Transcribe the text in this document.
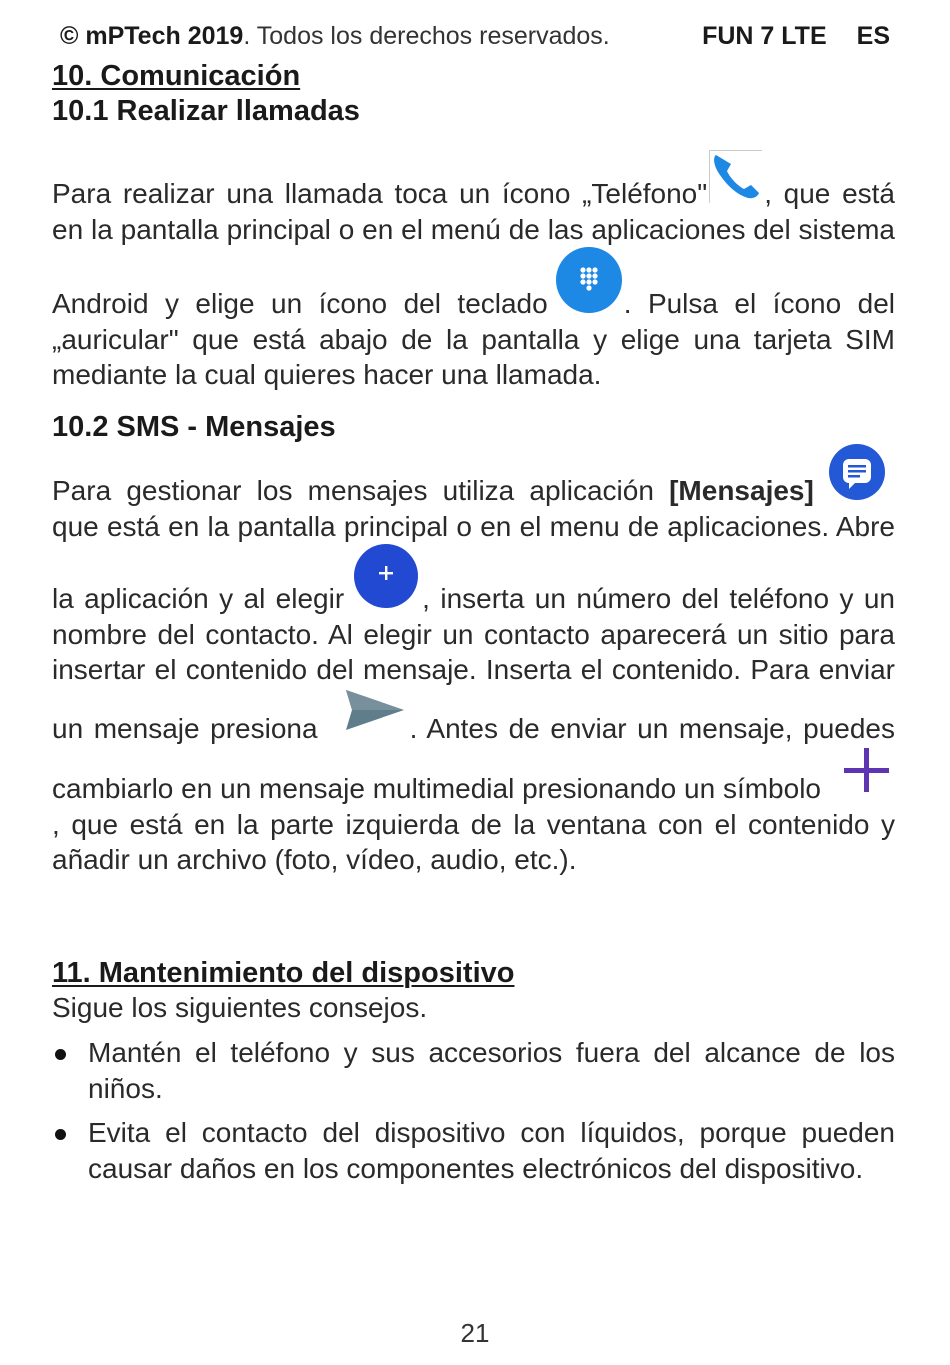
© mPTech 2019. Todos los derechos reservados.	FUN 7 LTE ES
10. Comunicación
10.1 Realizar llamadas

Para realizar una llamada toca un ícono „Teléfono" , que está en la pantalla principal o en el menú de las aplicaciones del sistema Android y elige un ícono del teclado	. Pulsa el ícono del „auricular" que está abajo de la pantalla y elige una tarjeta SIM mediante la cual quieres hacer una llamada.

10.2 SMS - Mensajes

Para gestionar los mensajes utiliza aplicación [Mensajes]  que está en la pantalla principal o en el menu de aplicaciones. Abre la aplicación y al elegir	, inserta un número del teléfono y un nombre del contacto. Al elegir un contacto aparecerá un sitio para insertar el contenido del mensaje. Inserta el contenido. Para enviar un mensaje presiona	. Antes de enviar un mensaje, puedes cambiarlo en un mensaje multimedial presionando un símbolo, que está en la parte izquierda de la ventana con el contenido y añadir un archivo (foto, vídeo, audio, etc.).

11. Mantenimiento del dispositivo

Sigue los siguientes consejos.

Mantén el teléfono y sus accesorios fuera del alcance de los niños.
Evita el contacto del dispositivo con líquidos, porque pueden causar daños en los componentes electrónicos del dispositivo.
21
